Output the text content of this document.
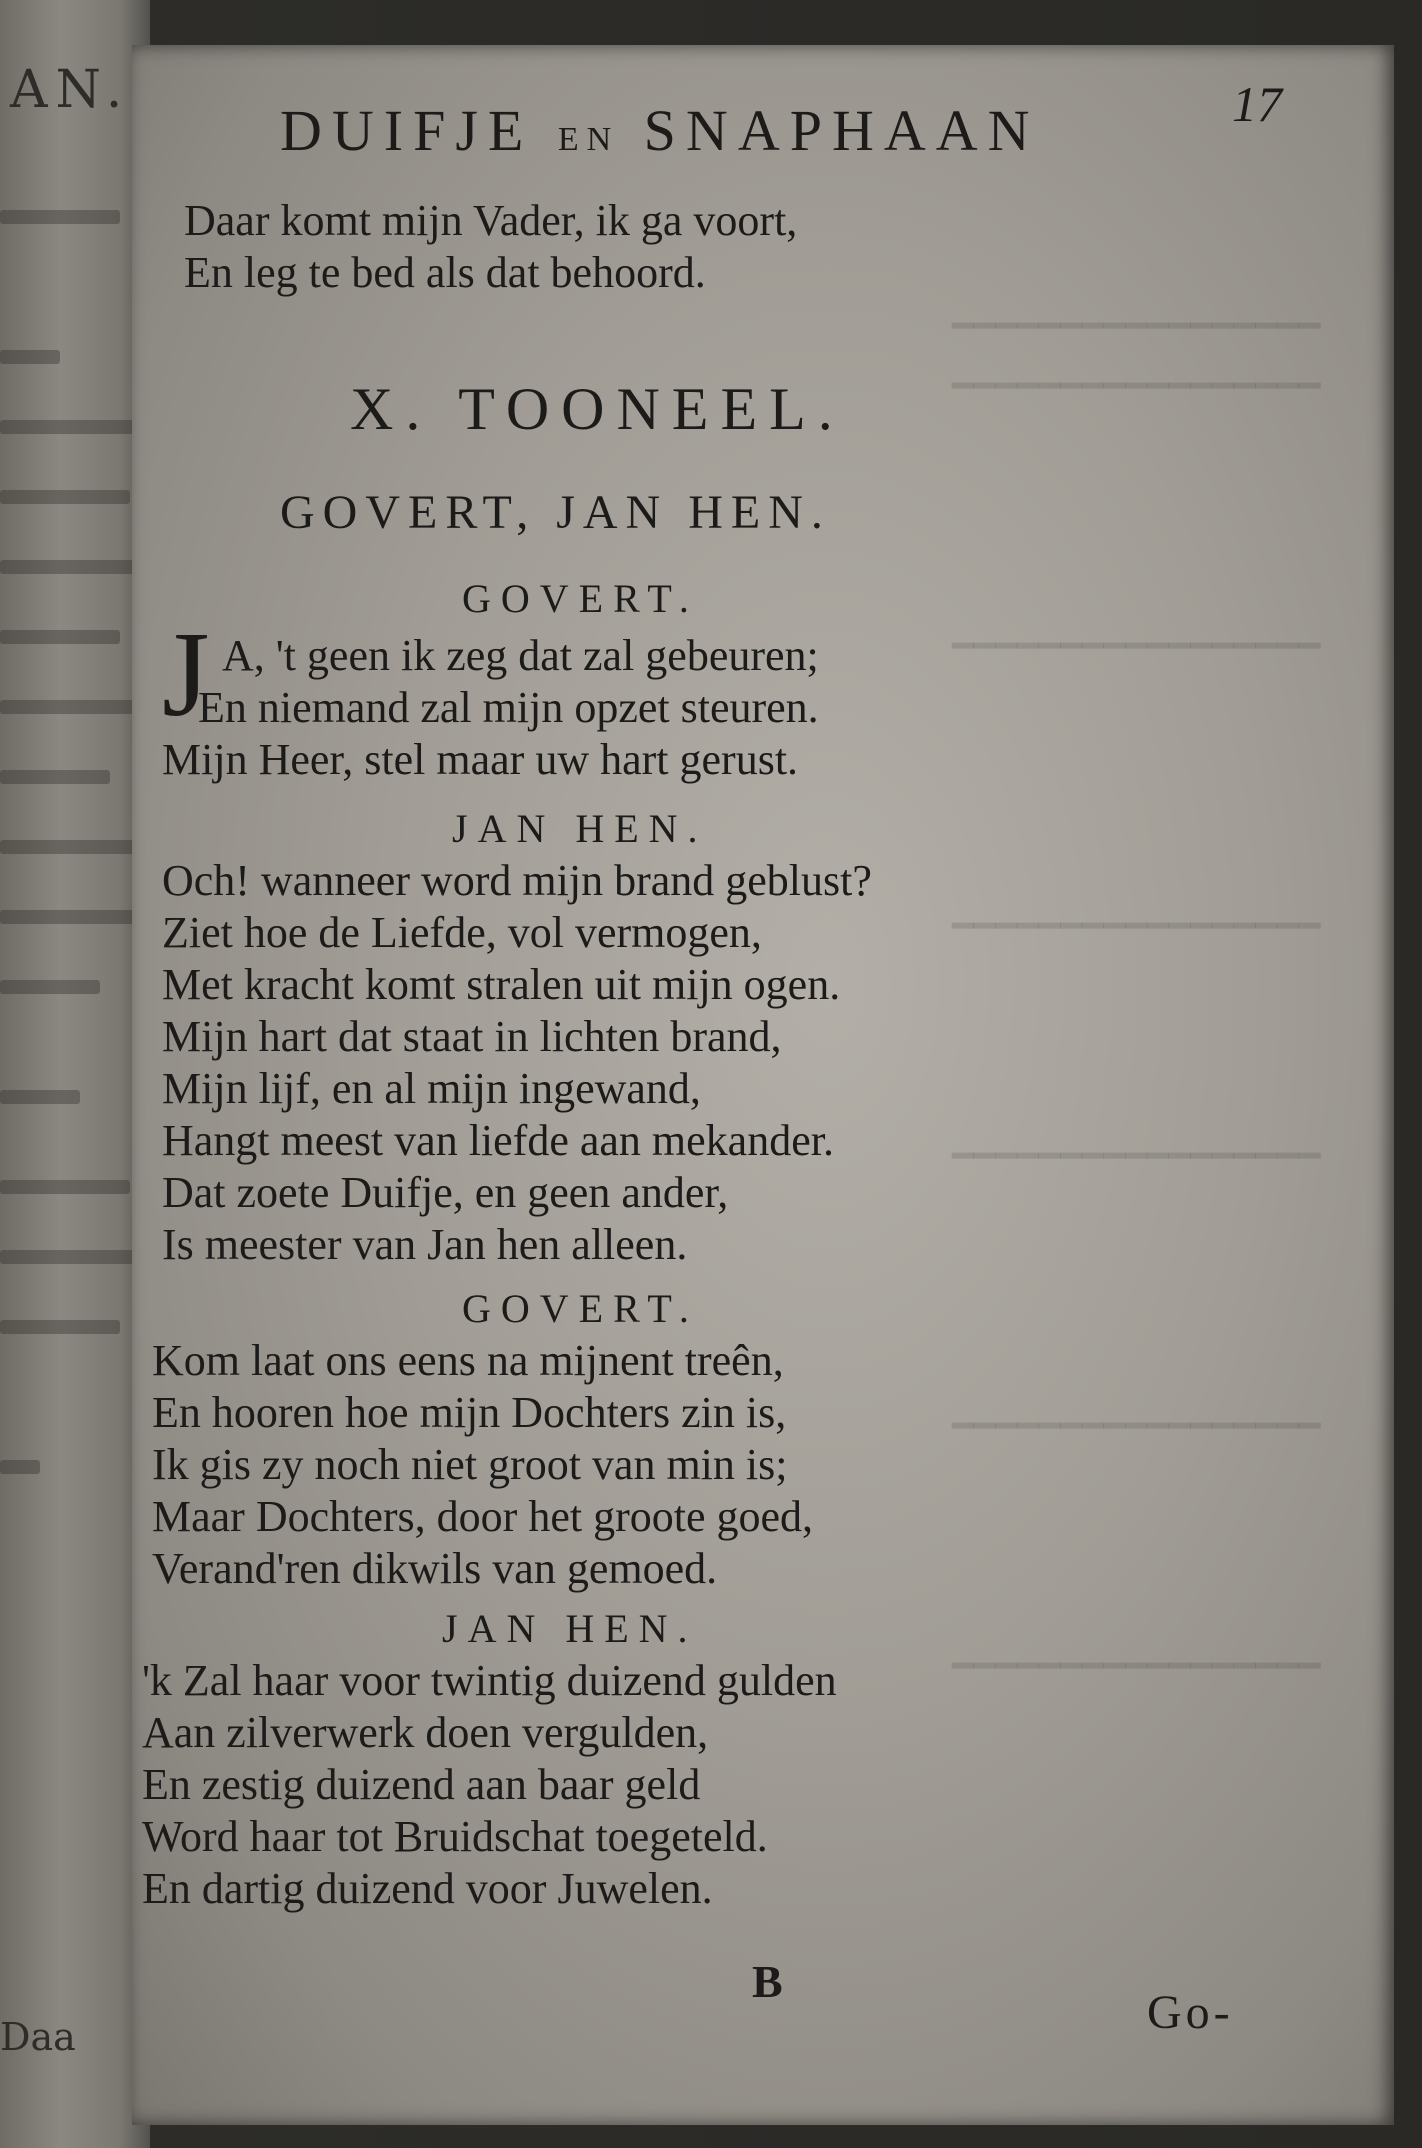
AN.
Daa
━━━━━━━━━━━━━━━━━
━━━━━━━━━━━━━━━━━
━━━━━━━━━━━━━━━━━
━━━━━━━━━━━━━━━━━
━━━━━━━━━━━━━━━━━
━━━━━━━━━━━━━━━━━
━━━━━━━━━━━━━━━━━
DUIFJE EN SNAPHAAN	17
Daar komt mijn Vader, ik ga voort,
En leg te bed als dat behoord.
X. TOONEEL.
GOVERT, JAN HEN.
GOVERT.
J A, 't geen ik zeg dat zal gebeuren;
En niemand zal mijn opzet steuren.
Mijn Heer, stel maar uw hart gerust.
JAN HEN.
Och! wanneer word mijn brand geblust?
Ziet hoe de Liefde, vol vermogen,
Met kracht komt stralen uit mijn ogen.
Mijn hart dat staat in lichten brand,
Mijn lijf, en al mijn ingewand,
Hangt meest van liefde aan mekander.
Dat zoete Duifje, en geen ander,
Is meester van Jan hen alleen.
GOVERT.
Kom laat ons eens na mijnent treên,
En hooren hoe mijn Dochters zin is,
Ik gis zy noch niet groot van min is;
Maar Dochters, door het groote goed,
Verand'ren dikwils van gemoed.
JAN HEN.
'k Zal haar voor twintig duizend gulden
Aan zilverwerk doen vergulden,
En zestig duizend aan baar geld
Word haar tot Bruidschat toegeteld.
En dartig duizend voor Juwelen.
B
Go-
